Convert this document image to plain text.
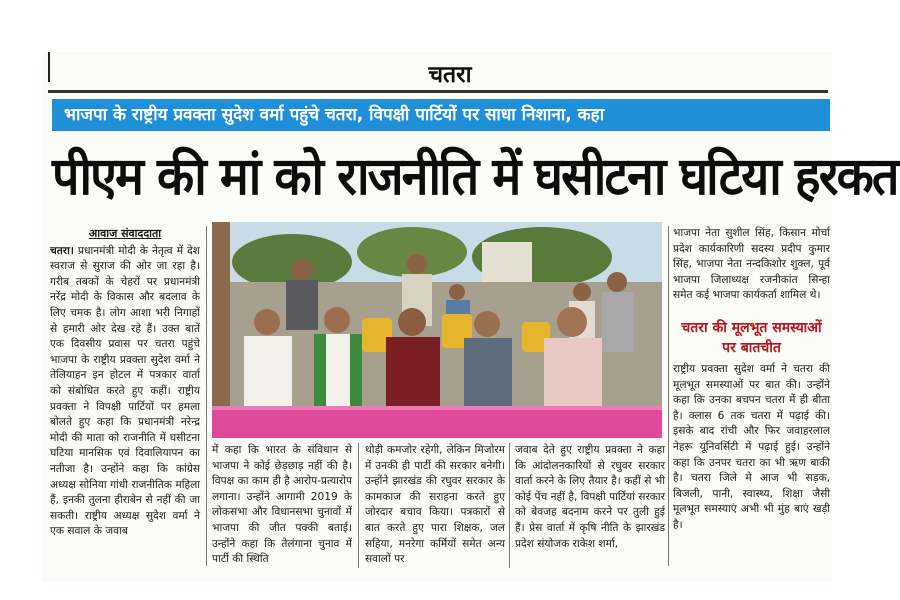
चतरा
भाजपा के राष्ट्रीय प्रवक्ता सुदेश वर्मा पहुंचे चतरा, विपक्षी पार्टियों पर साधा निशाना, कहा
पीएम की मां को राजनीति में घसीटना घटिया हरकत
आवाज संवाददाता
चतरा। प्रधानमंत्री मोदी के नेतृत्व में देश स्वराज से सुराज की ओर जा रहा है। गरीब तबकों के चेहरों पर प्रधानमंत्री नरेंद्र मोदी के विकास और बदलाव के लिए चमक है। लोग आशा भरी निगाहों से हमारी ओर देख रहे हैं। उक्त बातें एक दिवसीय प्रवास पर चतरा पहुंचे भाजपा के राष्ट्रीय प्रवक्ता सुदेश वर्मा ने तेलियाहन इन होटल में पत्रकार वार्ता को संबोधित करते हुए कहीं। राष्ट्रीय प्रवक्ता ने विपक्षी पार्टियों पर हमला बोलते हुए कहा कि प्रधानमंत्री नरेन्द्र मोदी की माता को राजनीति में घसीटना घटिया मानसिक एवं दिवालियापन का नतीजा है। उन्होंने कहा कि कांग्रेस अध्यक्ष सोनिया गांधी राजनीतिक महिला हैं, इनकी तुलना हीराबेन से नहीं की जा सकती। राष्ट्रीय अध्यक्ष सुदेश वर्मा ने एक सवाल के जवाब
में कहा कि भारत के संविधान से भाजपा ने कोई छेड़छाड़ नहीं की है। विपक्ष का काम ही है आरोप-प्रत्यारोप लगाना। उन्होंने आगामी 2019 के लोकसभा और विधानसभा चुनावों में भाजपा की जीत पक्की बताई। उन्होंने कहा कि तेलंगाना चुनाव में पार्टी की स्थिति
थोड़ी कमजोर रहेगी, लेकिन मिजोरम में उनकी ही पार्टी की सरकार बनेगी। उन्होंने झारखंड की रघुवर सरकार के कामकाज की सराहना करते हुए जोरदार बचाव किया। पत्रकारों से बात करते हुए पारा शिक्षक, जल सहिया, मनरेगा कर्मियों समेत अन्य सवालों पर
जवाब देते हुए राष्ट्रीय प्रवक्ता ने कहा कि आंदोलनकारियों से रघुवर सरकार वार्ता करने के लिए तैयार है। कहीं से भी कोई पेंच नहीं है, विपक्षी पार्टियां सरकार को बेवजह बदनाम करने पर तुली हुई हैं। प्रेस वार्ता में कृषि नीति के झारखंड प्रदेश संयोजक राकेश शर्मा,
भाजपा नेता सुशील सिंह, किसान मोर्चा प्रदेश कार्यकारिणी सदस्य प्रदीप कुमार सिंह, भाजपा नेता नन्दकिशोर शुक्ल, पूर्व भाजपा जिलाध्यक्ष रजनीकांत सिन्हा समेत कई भाजपा कार्यकर्ता शामिल थे।
चतरा की मूलभूत समस्याओं पर बातचीत
राष्ट्रीय प्रवक्ता सुदेश वर्मा ने चतरा की मूलभूत समस्याओं पर बात की। उन्होंने कहा कि उनका बचपन चतरा में ही बीता है। क्लास 6 तक चतरा में पढ़ाई की। इसके बाद रांची और फिर जवाहरलाल नेहरू यूनिवर्सिटी में पढ़ाई हुई। उन्होंने कहा कि उनपर चतरा का भी ऋण बाकी है। चतरा जिले मे आज भी सड़क, बिजली, पानी, स्वास्थ्य, शिक्षा जैसी मूलभूत समस्याएं अभी भी मुंह बाएं खड़ी है।
